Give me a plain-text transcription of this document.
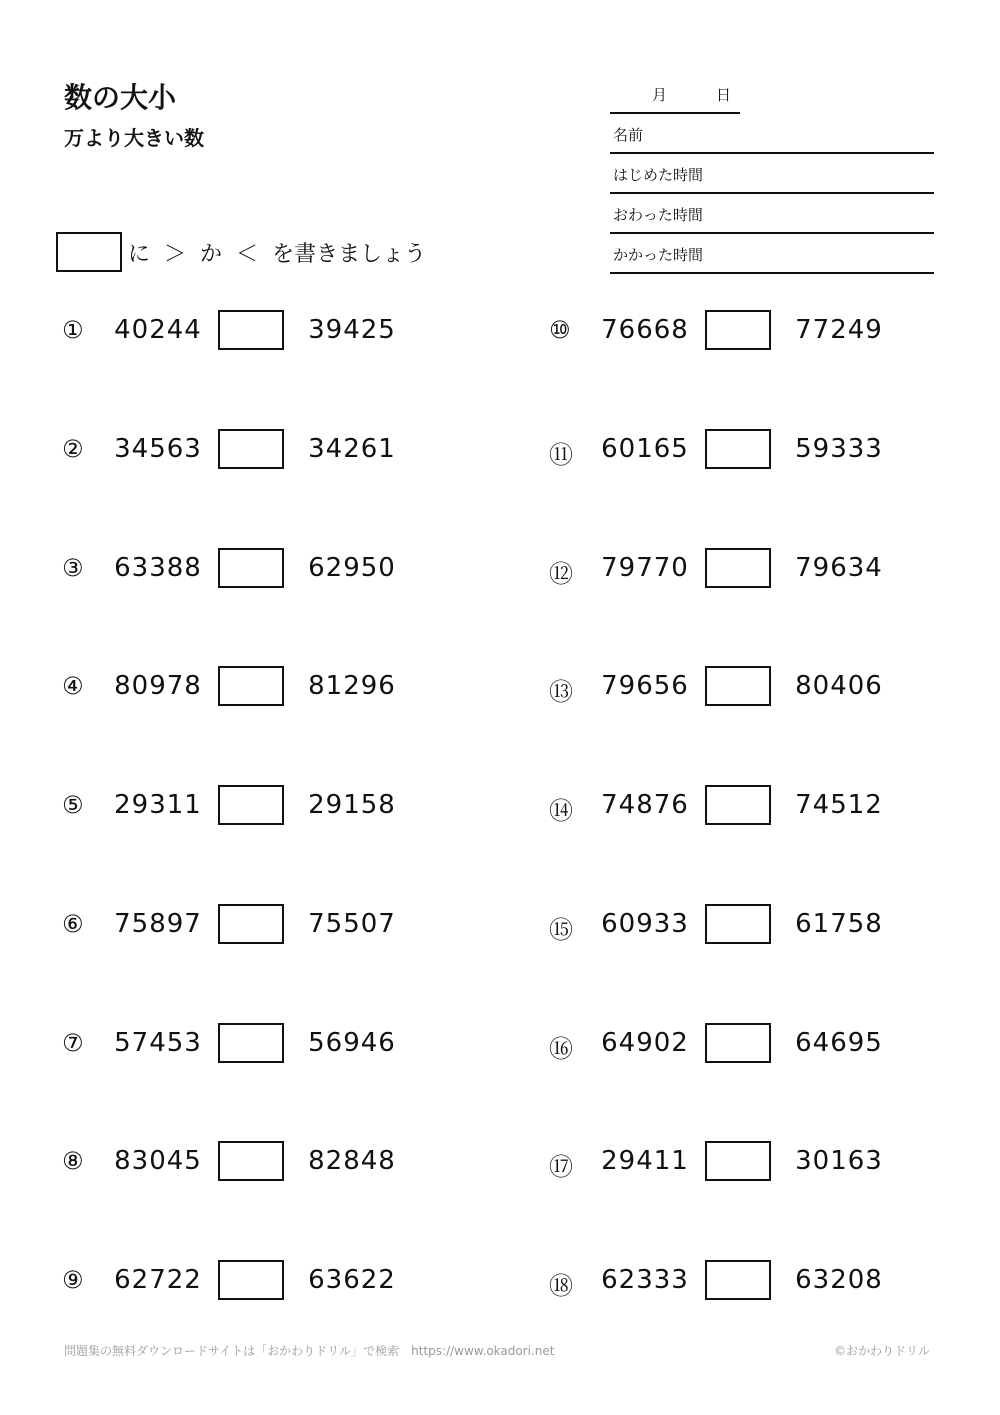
数の大小
万より大きい数
月	日
名前
はじめた時間
おわった時間
かかった時間
に
＞
か
＜
を書きましょう
① 40244	39425
② 34563	34261
③ 63388	62950
④ 80978	81296
⑤ 29311	29158
⑥ 75897	75507
⑦ 57453	56946
⑧ 83045	82848
⑨ 62722	63622
⑩ 76668	77249
⑪ 60165	59333
⑫ 79770	79634
⑬ 79656	80406
⑭ 74876	74512
⑮ 60933	61758
⑯ 64902	64695
⑰ 29411	30163
⑱ 62333	63208
問題集の無料ダウンロードサイトは「おかわりドリル」で検索　https://www.okadori.net	©おかわりドリル
